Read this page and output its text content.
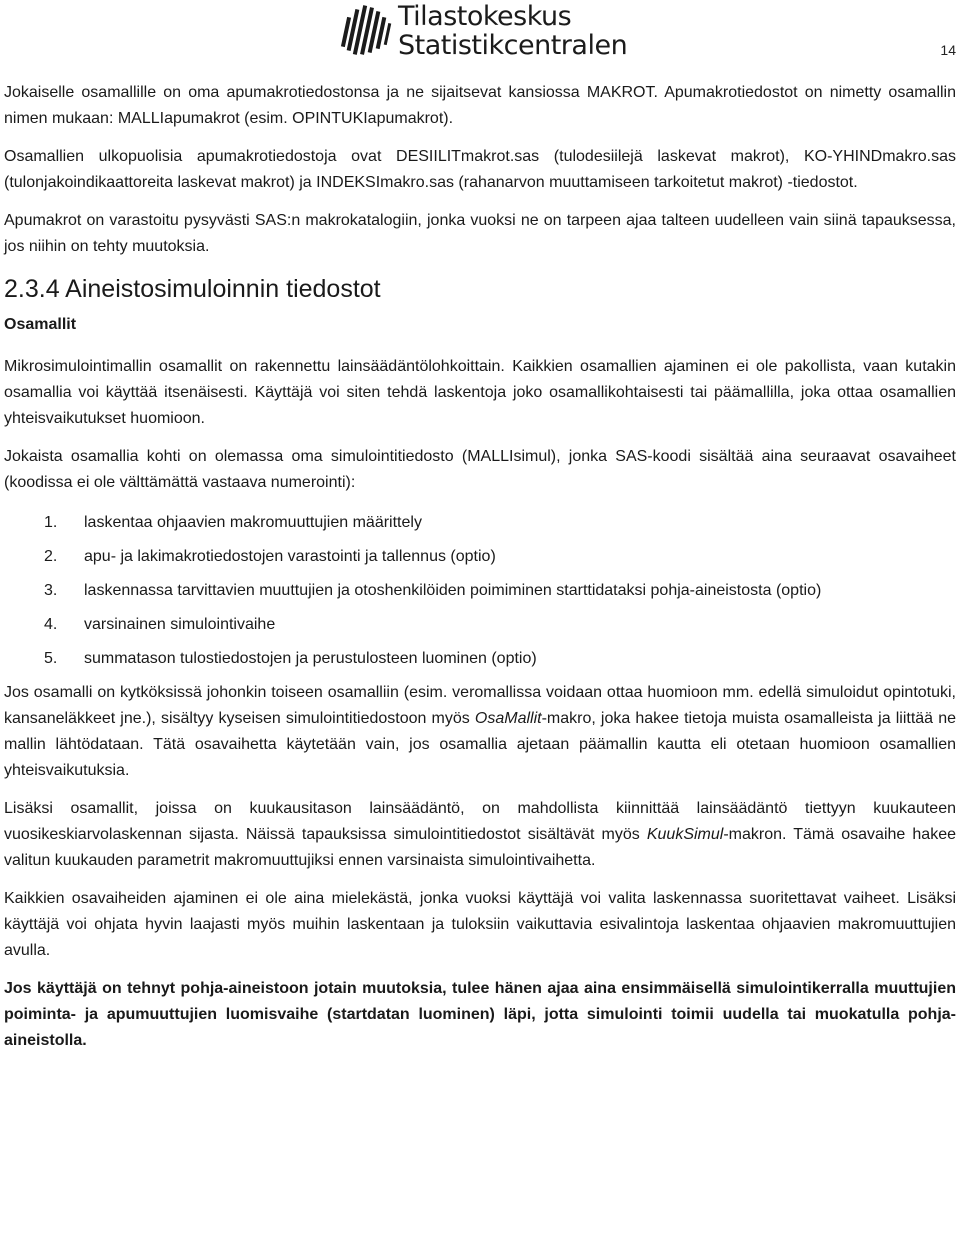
Tilastokeskus
Statistikcentralen	14

Jokaiselle osamallille on oma apumakrotiedostonsa ja ne sijaitsevat kansiossa MAKROT. Apumakrotiedostot on nimetty osamallin nimen mukaan: MALLIapumakrot (esim. OPINTUKIapumakrot).

Osamallien ulkopuolisia apumakrotiedostoja ovat DESIILITmakrot.sas (tulodesiilejä laskevat makrot), KO-YHINDmakro.sas (tulonjakoindikaattoreita laskevat makrot) ja INDEKSImakro.sas (rahanarvon muuttamiseen tarkoitetut makrot) -tiedostot.

Apumakrot on varastoitu pysyvästi SAS:n makrokatalogiin, jonka vuoksi ne on tarpeen ajaa talteen uudelleen vain siinä tapauksessa, jos niihin on tehty muutoksia.

2.3.4 Aineistosimuloinnin tiedostot
Osamallit

Mikrosimulointimallin osamallit on rakennettu lainsäädäntölohkoittain. Kaikkien osamallien ajaminen ei ole pakollista, vaan kutakin osamallia voi käyttää itsenäisesti. Käyttäjä voi siten tehdä laskentoja joko osamallikohtaisesti tai päämallilla, joka ottaa osamallien yhteisvaikutukset huomioon.

Jokaista osamallia kohti on olemassa oma simulointitiedosto (MALLIsimul), jonka SAS-koodi sisältää aina seuraavat osavaiheet (koodissa ei ole välttämättä vastaava numerointi):

1.	laskentaa ohjaavien makromuuttujien määrittely
2.	apu- ja lakimakrotiedostojen varastointi ja tallennus (optio)
3.	laskennassa tarvittavien muuttujien ja otoshenkilöiden poimiminen starttidataksi pohja-aineistosta (optio)
4.	varsinainen simulointivaihe
5.	summatason tulostiedostojen ja perustulosteen luominen (optio)

Jos osamalli on kytköksissä johonkin toiseen osamalliin (esim. veromallissa voidaan ottaa huomioon mm. edellä simuloidut opintotuki, kansaneläkkeet jne.), sisältyy kyseisen simulointitiedostoon myös OsaMallit-makro, joka hakee tietoja muista osamalleista ja liittää ne mallin lähtödataan. Tätä osavaihetta käytetään vain, jos osamallia ajetaan päämallin kautta eli otetaan huomioon osamallien yhteisvaikutuksia.

Lisäksi osamallit, joissa on kuukausitason lainsäädäntö, on mahdollista kiinnittää lainsäädäntö tiettyyn kuukauteen vuosikeskiarvolaskennan sijasta. Näissä tapauksissa simulointitiedostot sisältävät myös KuukSimul-makron. Tämä osavaihe hakee valitun kuukauden parametrit makromuuttujiksi ennen varsinaista simulointivaihetta.

Kaikkien osavaiheiden ajaminen ei ole aina mielekästä, jonka vuoksi käyttäjä voi valita laskennassa suoritettavat vaiheet. Lisäksi käyttäjä voi ohjata hyvin laajasti myös muihin laskentaan ja tuloksiin vaikuttavia esivalintoja laskentaa ohjaavien makromuuttujien avulla.

Jos käyttäjä on tehnyt pohja-aineistoon jotain muutoksia, tulee hänen ajaa aina ensimmäisellä simulointikerralla muuttujien poiminta- ja apumuuttujien luomisvaihe (startdatan luominen) läpi, jotta simulointi toimii uudella tai muokatulla pohja-aineistolla.
